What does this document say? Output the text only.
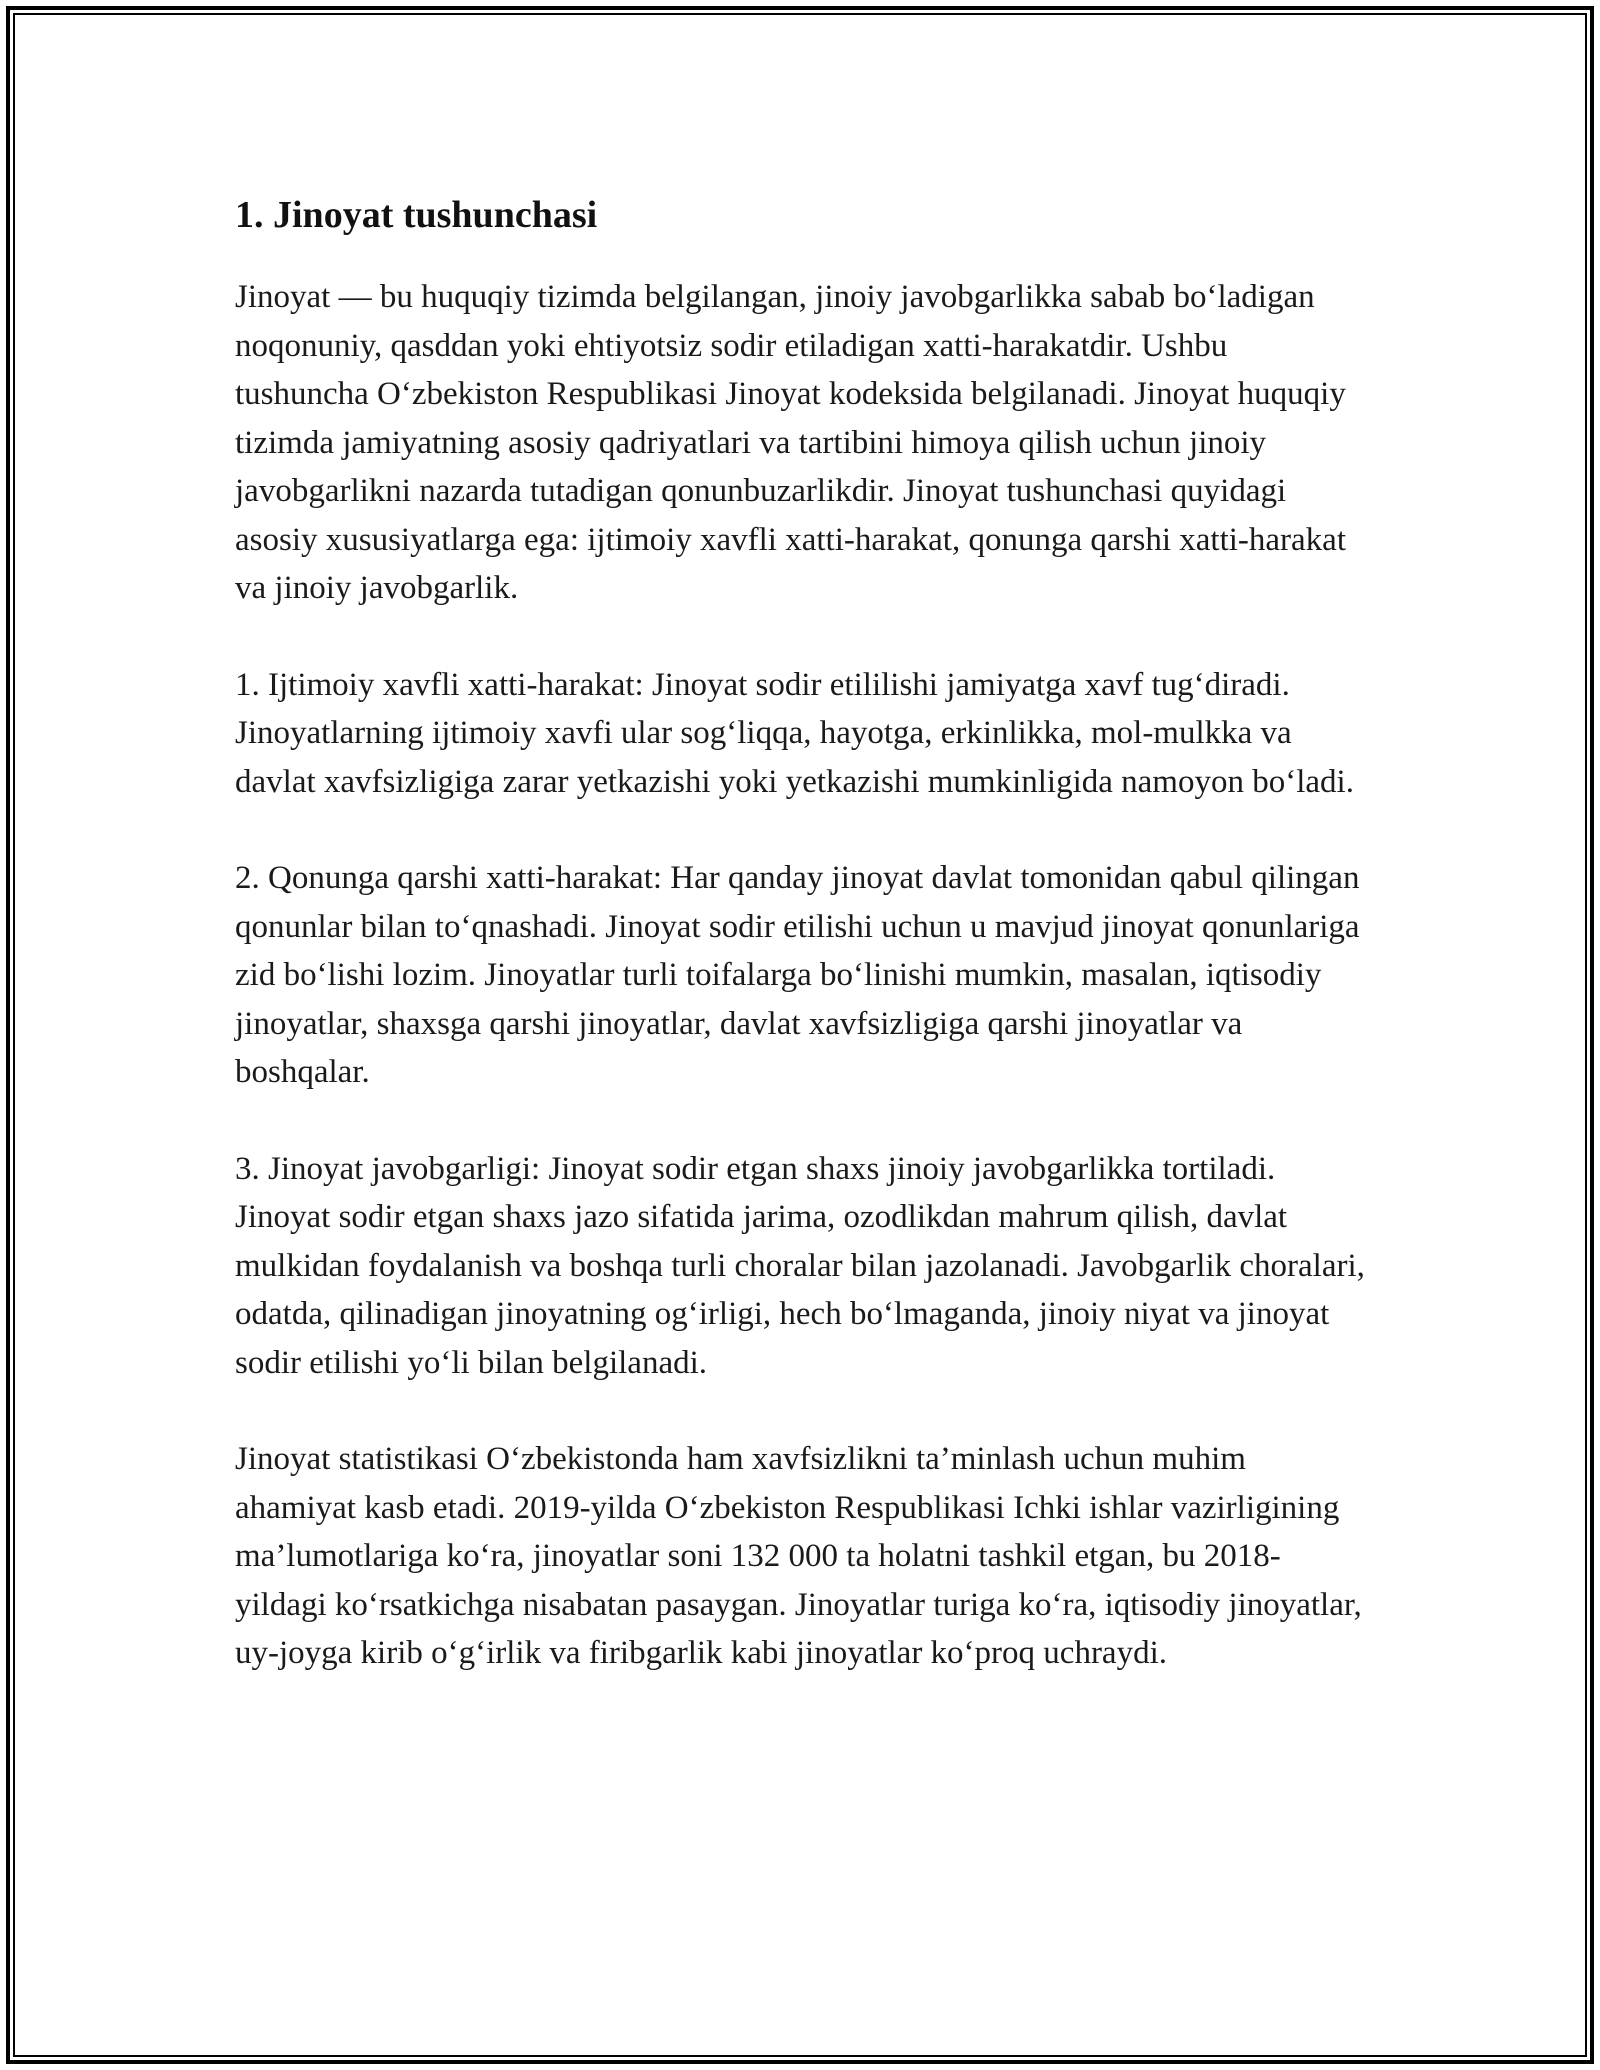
1. Jinoyat tushunchasi

Jinoyat — bu huquqiy tizimda belgilangan, jinoiy javobgarlikka sabab bo‘ladigan noqonuniy, qasddan yoki ehtiyotsiz sodir etiladigan xatti-harakatdir. Ushbu tushuncha O‘zbekiston Respublikasi Jinoyat kodeksida belgilanadi. Jinoyat huquqiy tizimda jamiyatning asosiy qadriyatlari va tartibini himoya qilish uchun jinoiy javobgarlikni nazarda tutadigan qonunbuzarlikdir. Jinoyat tushunchasi quyidagi asosiy xususiyatlarga ega: ijtimoiy xavfli xatti-harakat, qonunga qarshi xatti-harakat va jinoiy javobgarlik.

1. Ijtimoiy xavfli xatti-harakat: Jinoyat sodir etililishi jamiyatga xavf tug‘diradi. Jinoyatlarning ijtimoiy xavfi ular sog‘liqqa, hayotga, erkinlikka, mol-mulkka va davlat xavfsizligiga zarar yetkazishi yoki yetkazishi mumkinligida namoyon bo‘ladi.

2. Qonunga qarshi xatti-harakat: Har qanday jinoyat davlat tomonidan qabul qilingan qonunlar bilan to‘qnashadi. Jinoyat sodir etilishi uchun u mavjud jinoyat qonunlariga zid bo‘lishi lozim. Jinoyatlar turli toifalarga bo‘linishi mumkin, masalan, iqtisodiy jinoyatlar, shaxsga qarshi jinoyatlar, davlat xavfsizligiga qarshi jinoyatlar va boshqalar.

3. Jinoyat javobgarligi: Jinoyat sodir etgan shaxs jinoiy javobgarlikka tortiladi. Jinoyat sodir etgan shaxs jazo sifatida jarima, ozodlikdan mahrum qilish, davlat mulkidan foydalanish va boshqa turli choralar bilan jazolanadi. Javobgarlik choralari, odatda, qilinadigan jinoyatning og‘irligi, hech bo‘lmaganda, jinoiy niyat va jinoyat sodir etilishi yo‘li bilan belgilanadi.

Jinoyat statistikasi O‘zbekistonda ham xavfsizlikni ta’minlash uchun muhim ahamiyat kasb etadi. 2019-yilda O‘zbekiston Respublikasi Ichki ishlar vazirligining ma’lumotlariga ko‘ra, jinoyatlar soni 132 000 ta holatni tashkil etgan, bu 2018-yildagi ko‘rsatkichga nisabatan pasaygan. Jinoyatlar turiga ko‘ra, iqtisodiy jinoyatlar, uy-joyga kirib o‘g‘irlik va firibgarlik kabi jinoyatlar ko‘proq uchraydi.
